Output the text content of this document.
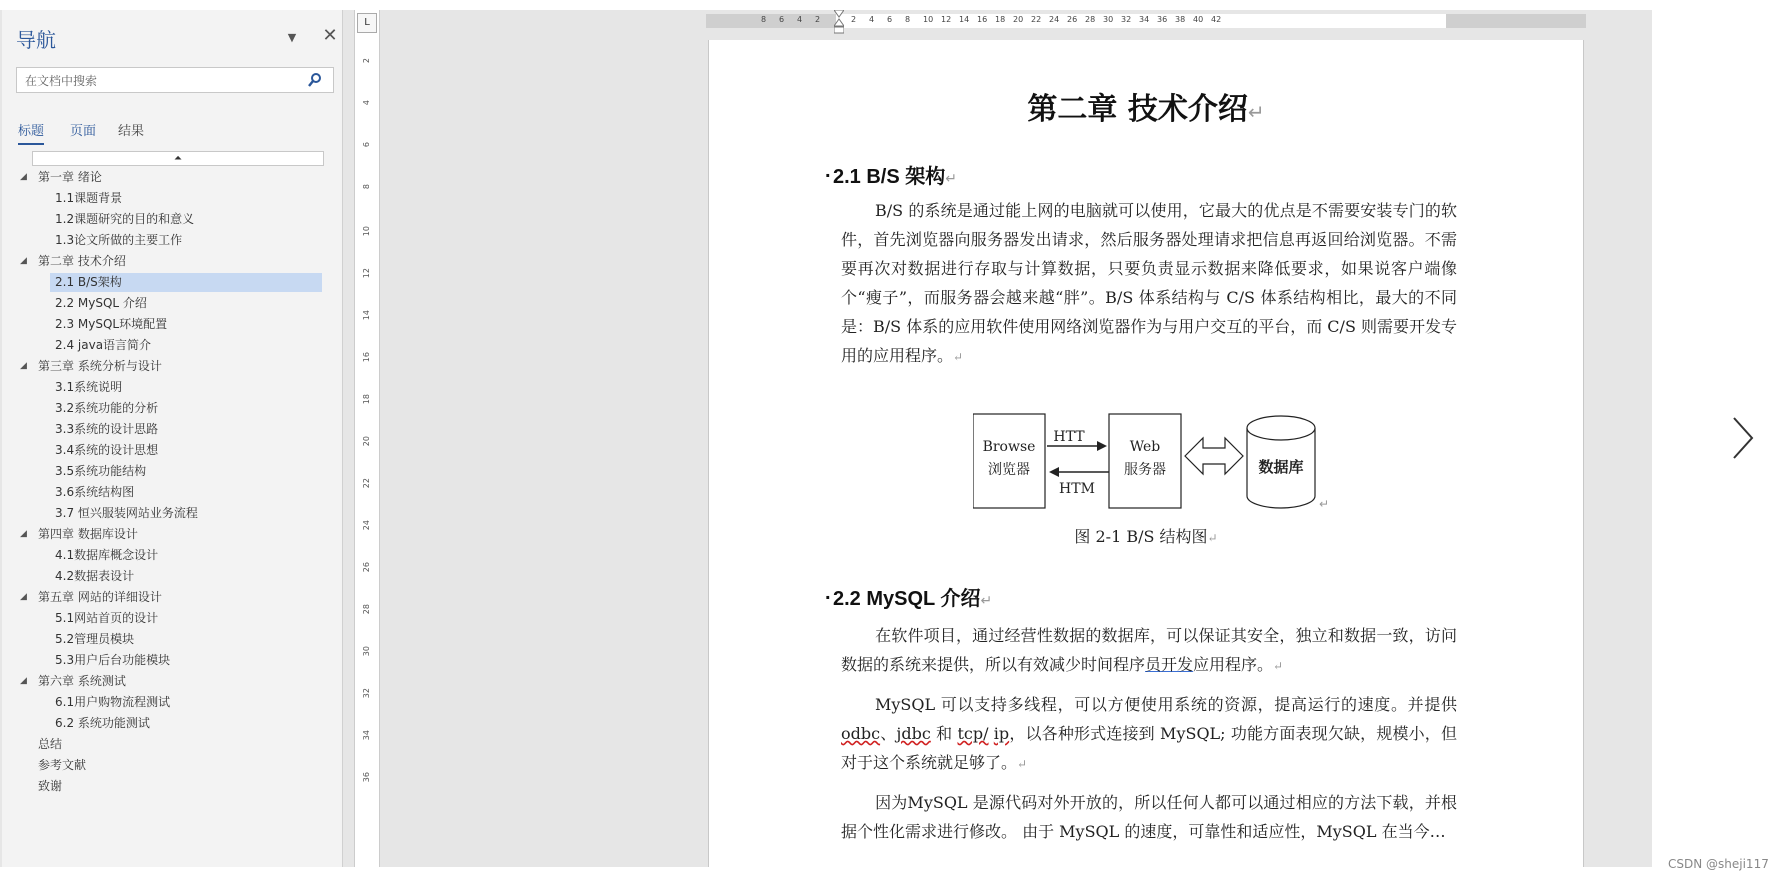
导航	▼	✕
在文档中搜索
标题 页面 结果
⏶
◢ 第一章 绪论
1.1课题背景
1.2课题研究的目的和意义
1.3论文所做的主要工作
◢ 第二章 技术介绍
2.1 B/S架构
2.2 MySQL 介绍
2.3 MySQL环境配置
2.4 java语言简介
◢ 第三章 系统分析与设计
3.1系统说明
3.2系统功能的分析
3.3系统的设计思路
3.4系统的设计思想
3.5系统功能结构
3.6系统结构图
3.7 恒兴服装网站业务流程
◢ 第四章 数据库设计
4.1数据库概念设计
4.2数据表设计
◢ 第五章 网站的详细设计
5.1网站首页的设计
5.2管理员模块
5.3用户后台功能模块
◢ 第六章 系统测试
6.1用户购物流程测试
6.2 系统功能测试
总结
参考文献
致谢
L
2
4
6
8
10
12
14
16
18
20
22
24
26
28
30
32
34
36
8 6 4 2	2 4 6 8 10 12 14 16 18 20 22 24 26 28 30 32 34 36 38 40 42
第二章 技术介绍↵
. 2.1 B/S 架构↵
B/S 的系统是通过能上网的电脑就可以使用，它最大的优点是不需要安装专门的软件，首先浏览器向服务器发出请求，然后服务器处理请求把信息再返回给浏览器。不需要再次对数据进行存取与计算数据，只要负责显示数据来降低要求，如果说客户端像个“瘦子”，而服务器会越来越“胖”。B/S 体系结构与 C/S 体系结构相比，最大的不同是：B/S 体系的应用软件使用网络浏览器作为与用户交互的平台，而 C/S 则需要开发专用的应用程序。↵
Browse
浏览器
HTT
HTM
Web
服务器	数据库
↵
图 2-1 B/S 结构图↵
. 2.2 MySQL 介绍↵
在软件项目，通过经营性数据的数据库，可以保证其安全，独立和数据一致，访问数据的系统来提供，所以有效减少时间程序员开发应用程序。↵
MySQL 可以支持多线程，可以方便使用系统的资源，提高运行的速度。并提供 odbc、jdbc 和 tcp/ ip，以各种形式连接到 MySQL; 功能方面表现欠缺，规模小，但对于这个系统就足够了。↵
因为MySQL 是源代码对外开放的，所以任何人都可以通过相应的方法下载，并根据个性化需求进行修改。 由于 MySQL 的速度，可靠性和适应性，MySQL 在当今…
CSDN @sheji117
